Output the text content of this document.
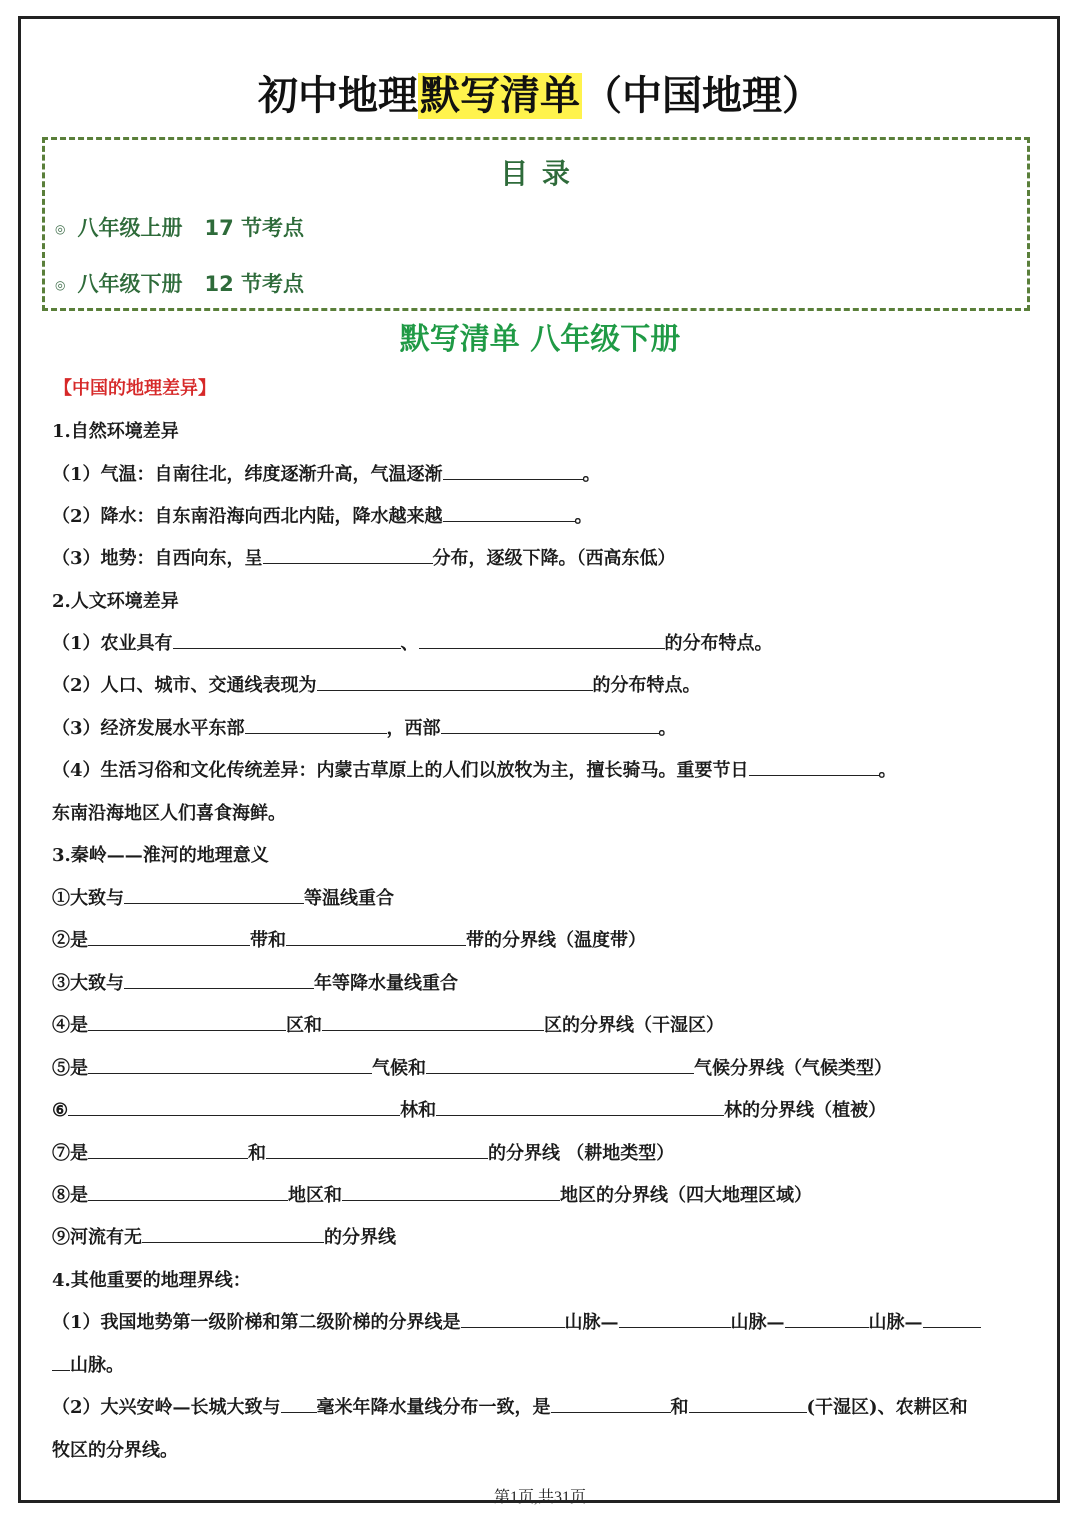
初中地理默写清单（中国地理）
目 录
◎ 八年级上册 17 节考点
◎ 八年级下册 12 节考点
默写清单 八年级下册
【中国的地理差异】
1.自然环境差异
（1）气温：自南往北，纬度逐渐升高，气温逐渐	。
（2）降水：自东南沿海向西北内陆，降水越来越	。
（3）地势：自西向东，呈	分布，逐级下降。（西高东低）
2.人文环境差异
（1）农业具有	、	的分布特点。
（2）人口、城市、交通线表现为	的分布特点。
（3）经济发展水平东部	，西部	。
（4）生活习俗和文化传统差异：内蒙古草原上的人们以放牧为主，擅长骑马。重要节日	。
东南沿海地区人们喜食海鲜。
3.秦岭——淮河的地理意义
①大致与	等温线重合
②是	带和	带的分界线（温度带）
③大致与	年等降水量线重合
④是	区和	区的分界线（干湿区）
⑤是	气候和	气候分界线（气候类型）
⑥	林和	林的分界线（植被）
⑦是	和	的分界线 （耕地类型）
⑧是	地区和	地区的分界线（四大地理区域）
⑨河流有无	的分界线
4.其他重要的地理界线：
（1）我国地势第一级阶梯和第二级阶梯的分界线是	山脉—	山脉—	山脉—
山脉。
（2）大兴安岭—长城大致与 毫米年降水量线分布一致，是	和	(干湿区)、农耕区和
牧区的分界线。
第1页,共31页
